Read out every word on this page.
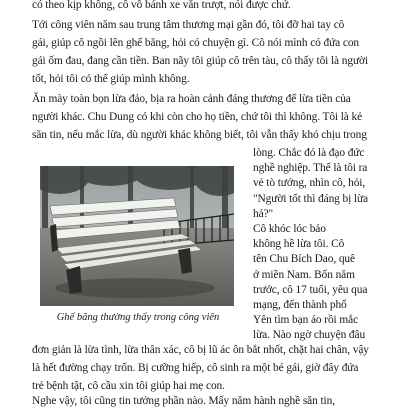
có theo kịp không, cô vô bánh xe văn trượt, nói được chứ.
Tới công viên năm sau trung tâm thương mại gần đó, tôi đỡ hai tay cô
gái, giúp cô ngồi lên ghế băng, hỏi có chuyện gì. Cô nói mình có đứa con
gái ốm đau, đang cần tiền. Ban nãy tôi giúp cô trên tàu, cô thấy tôi là người
tốt, hỏi tôi có thể giúp mình không.
Ăn mày toàn bọn lừa đảo, bịa ra hoàn cảnh đáng thương để lừa tiền của
người khác. Chu Dung có khi còn cho họ tiền, chứ tôi thì không. Tôi là kẻ
săn tin, nếu mắc lừa, dù người khác không biết, tôi vẫn thấy khó chịu trong
lòng. Chắc đó là đạo đức
nghề nghiệp. Thế là tôi ra
vẻ tò tướng, nhìn cô, hỏi,
"Người tốt thì đáng bị lừa
hả?"
Cô khóc lóc bảo
không hề lừa tôi. Cô
tên Chu Bích Dao, quê
ở miền Nam. Bốn năm
trước, cô 17 tuổi, yêu qua
mạng, đến thành phố
Yên tìm bạn áo rồi mắc
lừa. Nào ngờ chuyện đâu
Ghế băng thường thấy trong công viên
đơn giản là lừa tình, lừa thân xác, cô bị lũ ác ôn bắt nhốt, chặt hai chân, vậy
là hết đường chạy trốn. Bị cưỡng hiếp, cô sinh ra một bé gái, giờ đây đứa
trẻ bệnh tật, cô cầu xin tôi giúp hai mẹ con.
Nghe vậy, tôi cũng tin tưởng phần nào. Mấy năm hành nghề săn tin,
